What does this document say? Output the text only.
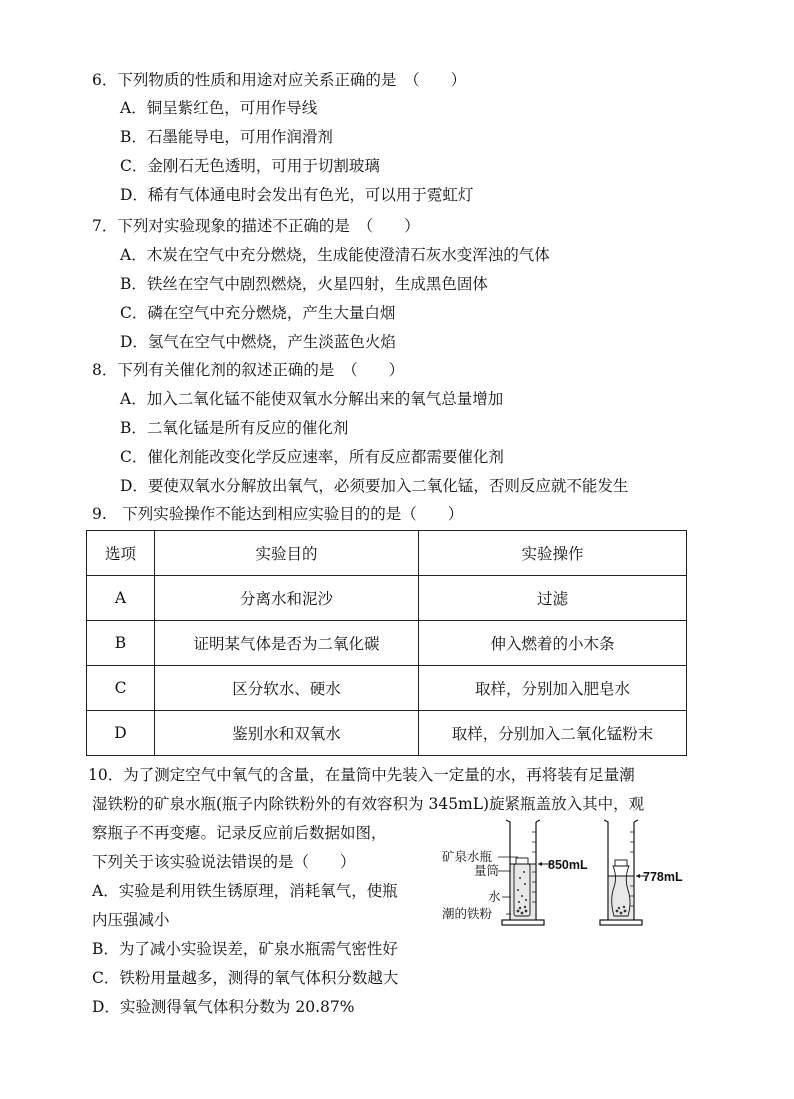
6．下列物质的性质和用途对应关系正确的是　（　　）
A．铜呈紫红色，可用作导线
B．石墨能导电，可用作润滑剂
C．金刚石无色透明，可用于切割玻璃
D．稀有气体通电时会发出有色光，可以用于霓虹灯
7．下列对实验现象的描述不正确的是　（　　）
A．木炭在空气中充分燃烧，生成能使澄清石灰水变浑浊的气体
B．铁丝在空气中剧烈燃烧，火星四射，生成黑色固体
C．磷在空气中充分燃烧，产生大量白烟
D．氢气在空气中燃烧，产生淡蓝色火焰
8．下列有关催化剂的叙述正确的是　（　　）
A．加入二氧化锰不能使双氧水分解出来的氧气总量增加
B．二氧化锰是所有反应的催化剂
C．催化剂能改变化学反应速率，所有反应都需要催化剂
D．要使双氧水分解放出氧气，必须要加入二氧化锰，否则反应就不能发生
9.　下列实验操作不能达到相应实验目的的是（　　）
选项	实验目的	实验操作
A	分离水和泥沙	过滤
B	证明某气体是否为二氧化碳	伸入燃着的小木条
C	区分软水、硬水	取样，分别加入肥皂水
D	鉴别水和双氧水	取样，分别加入二氧化锰粉末
10．为了测定空气中氧气的含量，在量筒中先装入一定量的水，再将装有足量潮
湿铁粉的矿泉水瓶(瓶子内除铁粉外的有效容积为 345mL)旋紧瓶盖放入其中，观
察瓶子不再变瘪。记录反应前后数据如图，
下列关于该实验说法错误的是（　　）
A．实验是利用铁生锈原理，消耗氧气，使瓶
内压强减小
B．为了减小实验误差，矿泉水瓶需气密性好
C．铁粉用量越多，测得的氧气体积分数越大
D．实验测得氧气体积分数为 20.87%
矿泉水瓶
量筒
水
潮的铁粉
850mL
778mL
